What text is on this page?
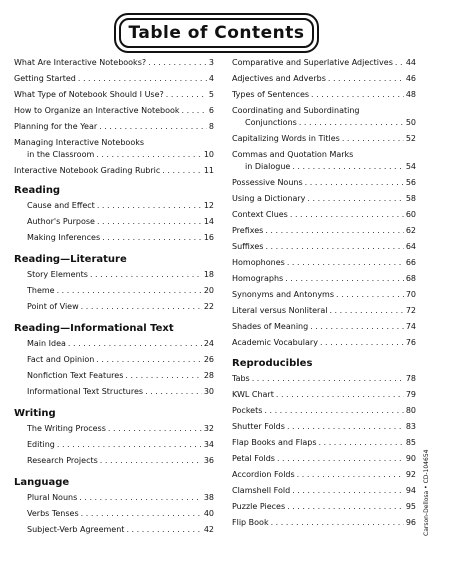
Table of Contents
What Are Interactive Notebooks? . . .	3
Getting Started . . .	4
What Type of Notebook Should I Use? . . .	5
How to Organize an Interactive Notebook . . .	6
Planning for the Year . . .	8
Managing Interactive Notebooks
in the Classroom . . .	10
Interactive Notebook Grading Rubric . . .	11
Reading
Cause and Effect . . .	12
Author's Purpose . . .	14
Making Inferences . . .	16
Reading—Literature
Story Elements . . .	18
Theme . . .	20
Point of View . . .	22
Reading—Informational Text
Main Idea . . .	24
Fact and Opinion . . .	26
Nonfiction Text Features . . .	28
Informational Text Structures . . .	30
Writing
The Writing Process . . .	32
Editing . . .	34
Research Projects . . .	36
Language
Plural Nouns . . .	38
Verbs Tenses . . .	40
Subject-Verb Agreement . . .	42
Comparative and Superlative Adjectives . . . 44
Adjectives and Adverbs . . .	46
Types of Sentences . . .	48
Coordinating and Subordinating
Conjunctions . . .	50
Capitalizing Words in Titles . . .	52
Commas and Quotation Marks
in Dialogue . . .	54
Possessive Nouns . . .	56
Using a Dictionary . . .	58
Context Clues . . .	60
Prefixes . . .	62
Suffixes . . .	64
Homophones . . .	66
Homographs . . .	68
Synonyms and Antonyms . . .	70
Literal versus Nonliteral . . .	72
Shades of Meaning . . .	74
Academic Vocabulary . . .	76
Reproducibles
Tabs . . .	78
KWL Chart . . .	79
Pockets . . .	80
Shutter Folds . . .	83
Flap Books and Flaps . . .	85
Petal Folds . . .	90
Accordion Folds . . .	92
Clamshell Fold . . .	94
Puzzle Pieces . . .	95
Flip Book . . .	96 Carson-Dellosa • CD-104654
